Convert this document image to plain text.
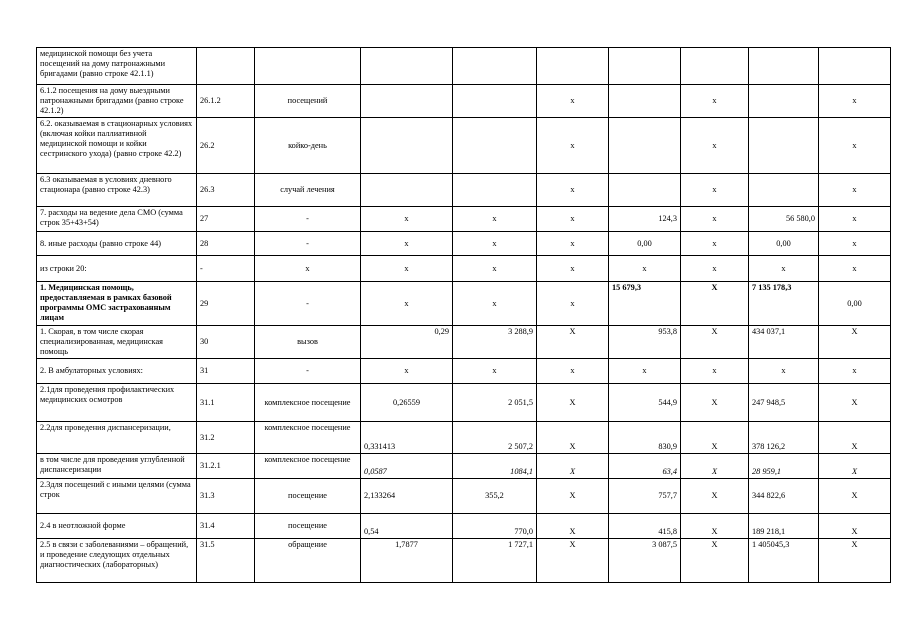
медицинской помощи без учета посещений на дому патронажными бригадами (равно строке 42.1.1)									
6.1.2 посещения на дому выездными патронажными бригадами (равно строке 42.1.2)	26.1.2	посещений			х		х		х
6.2. оказываемая в стационарных условиях (включая койки паллиативной медицинской помощи и койки сестринского ухода) (равно строке 42.2)	26.2	койко-день			х		х		х
6.3 оказываемая в условиях дневного стационара (равно строке 42.3)	26.3	случай лечения			х		х		х
7. расходы на ведение дела СМО (сумма строк 35+43+54)	27	-	х	х	х	124,3	х	56 580,0	х
8. иные расходы (равно строке 44)	28	-	х	х	х	0,00	х	0,00	х
из строки 20:	-	х	х	х	х	х	х	х	х
1. Медицинская помощь, предоставляемая в рамках базовой программы ОМС застрахованным лицам	29	-	х	х	х	15 679,3	Х	7 135 178,3	0,00
1. Скорая, в том числе скорая специализированная, медицинская помощь	30	вызов	0,29	3 288,9	Х	953,8	Х	434 037,1	Х
2. В амбулаторных условиях:	31	-	х	х	х	х	х	х	х
2.1для проведения профилактических медицинских осмотров	31.1	комплексное посещение	0,26559	2 051,5	Х	544,9	Х	247 948,5	Х
2.2для проведения диспансеризации,	31.2	комплексное посещение	0,331413	2 507,2	Х	830,9	Х	378 126,2	Х
в том числе для проведения углубленной диспансеризации	31.2.1	комплексное посещение	0,0587	1084,1	Х	63,4	Х	28 959,1	Х
2.3для посещений с иными целями (сумма строк	31.3	посещение	2,133264	355,2	Х	757,7	Х	344 822,6	Х
2.4 в неотложной форме	31.4	посещение	0,54	770,0	Х	415,8	Х	189 218,1	Х
2.5 в связи с заболеваниями – обращений, и проведение следующих отдельных диагностических (лабораторных)	31.5	обращение	1,7877	1 727,1	Х	3 087,5	Х	1 405045,3	Х
